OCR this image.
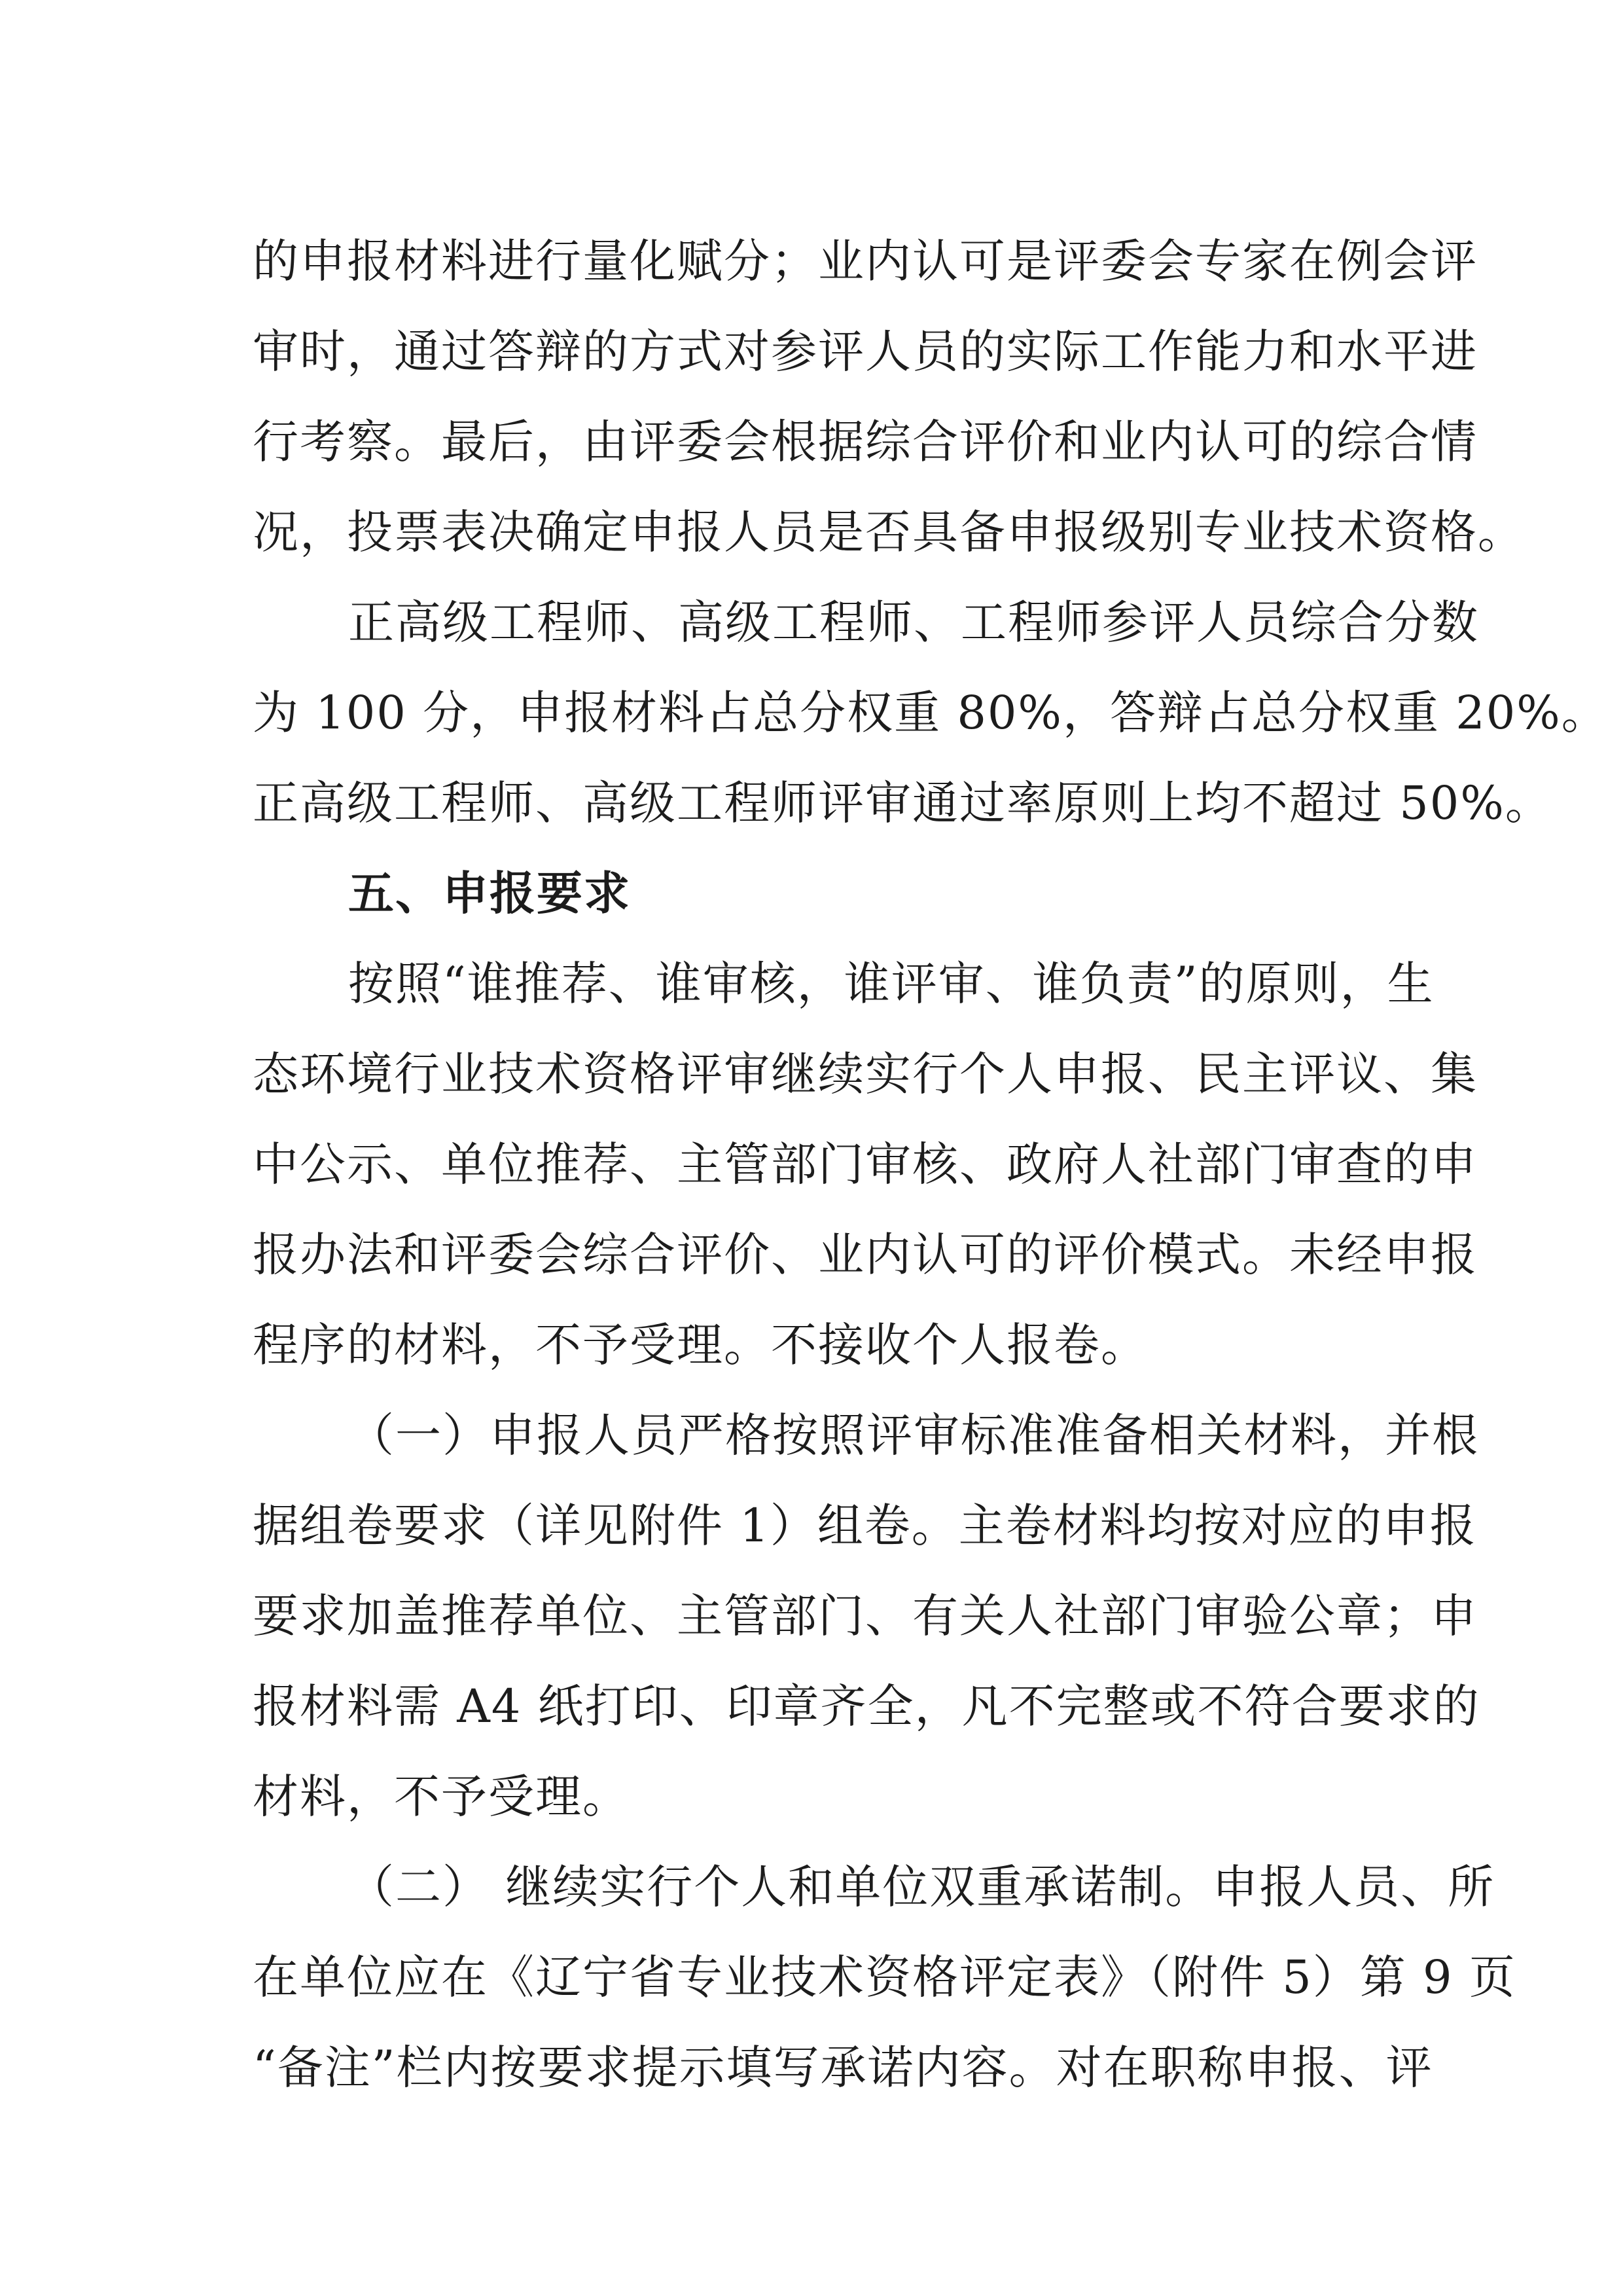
的申报材料进行量化赋分；业内认可是评委会专家在例会评
审时，通过答辩的方式对参评人员的实际工作能力和水平进
行考察。最后，由评委会根据综合评价和业内认可的综合情
况，投票表决确定申报人员是否具备申报级别专业技术资格。
正高级工程师、高级工程师、工程师参评人员综合分数
为 100 分，申报材料占总分权重 80%，答辩占总分权重 20%。
正高级工程师、高级工程师评审通过率原则上均不超过 50%。
五、申报要求
按照“谁推荐、谁审核，谁评审、谁负责”的原则，生
态环境行业技术资格评审继续实行个人申报、民主评议、集
中公示、单位推荐、主管部门审核、政府人社部门审查的申
报办法和评委会综合评价、业内认可的评价模式。未经申报
程序的材料，不予受理。不接收个人报卷。
（一）申报人员严格按照评审标准准备相关材料，并根
据组卷要求（详见附件 1）组卷。主卷材料均按对应的申报
要求加盖推荐单位、主管部门、有关人社部门审验公章；申
报材料需 A4 纸打印、印章齐全，凡不完整或不符合要求的
材料，不予受理。
（二） 继续实行个人和单位双重承诺制。申报人员、所
在单位应在《辽宁省专业技术资格评定表》（附件 5）第 9 页
“备注”栏内按要求提示填写承诺内容。对在职称申报、评
